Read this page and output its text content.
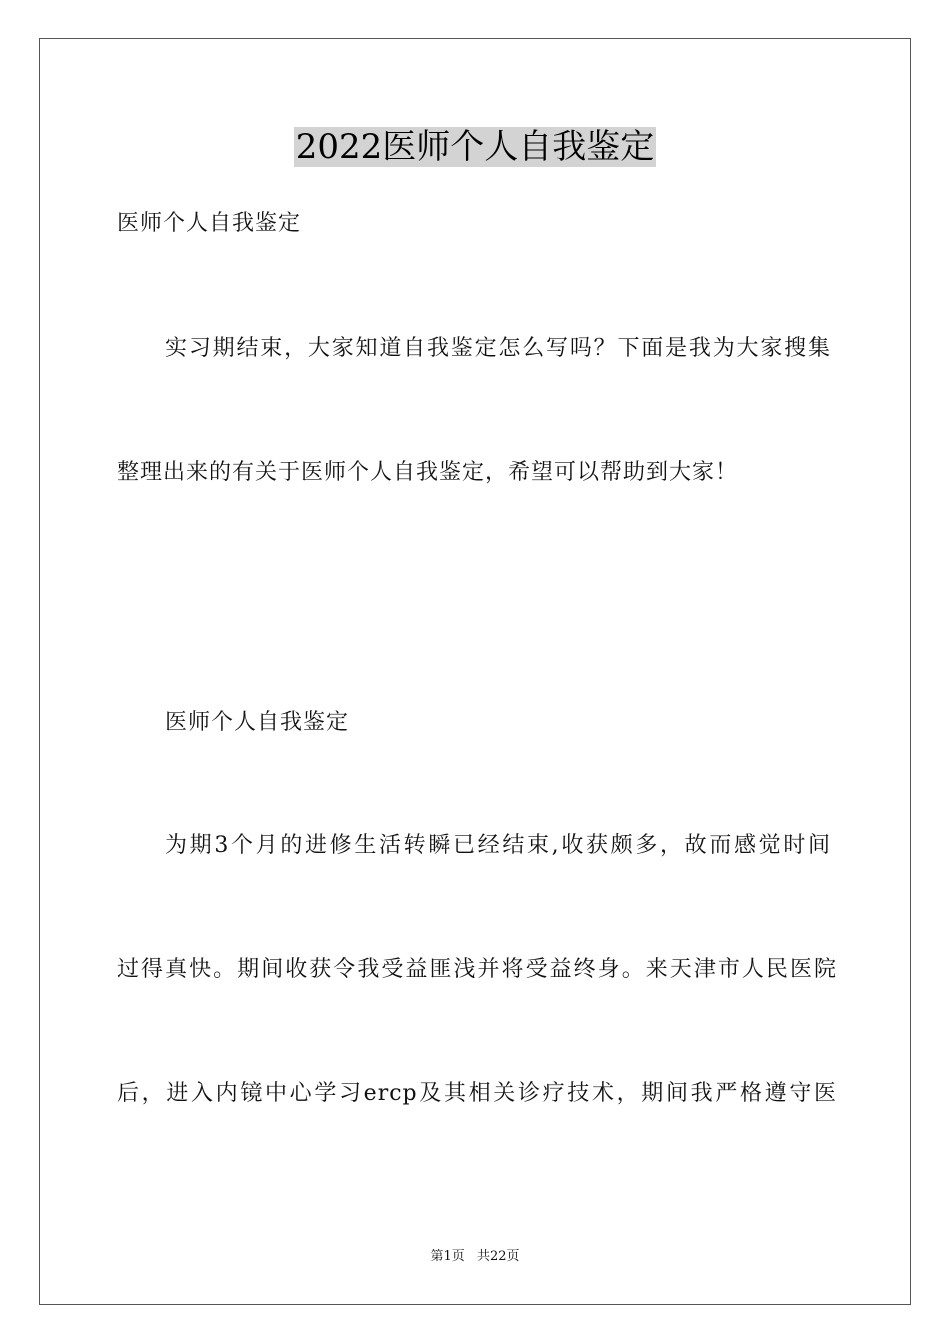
2022医师个人自我鉴定
医师个人自我鉴定
实习期结束，大家知道自我鉴定怎么写吗？下面是我为大家搜集
整理出来的有关于医师个人自我鉴定，希望可以帮助到大家！
医师个人自我鉴定
为期3个月的进修生活转瞬已经结束,收获颇多，故而感觉时间
过得真快。期间收获令我受益匪浅并将受益终身。来天津市人民医院
后，进入内镜中心学习ercp及其相关诊疗技术，期间我严格遵守医
第1页 共22页
